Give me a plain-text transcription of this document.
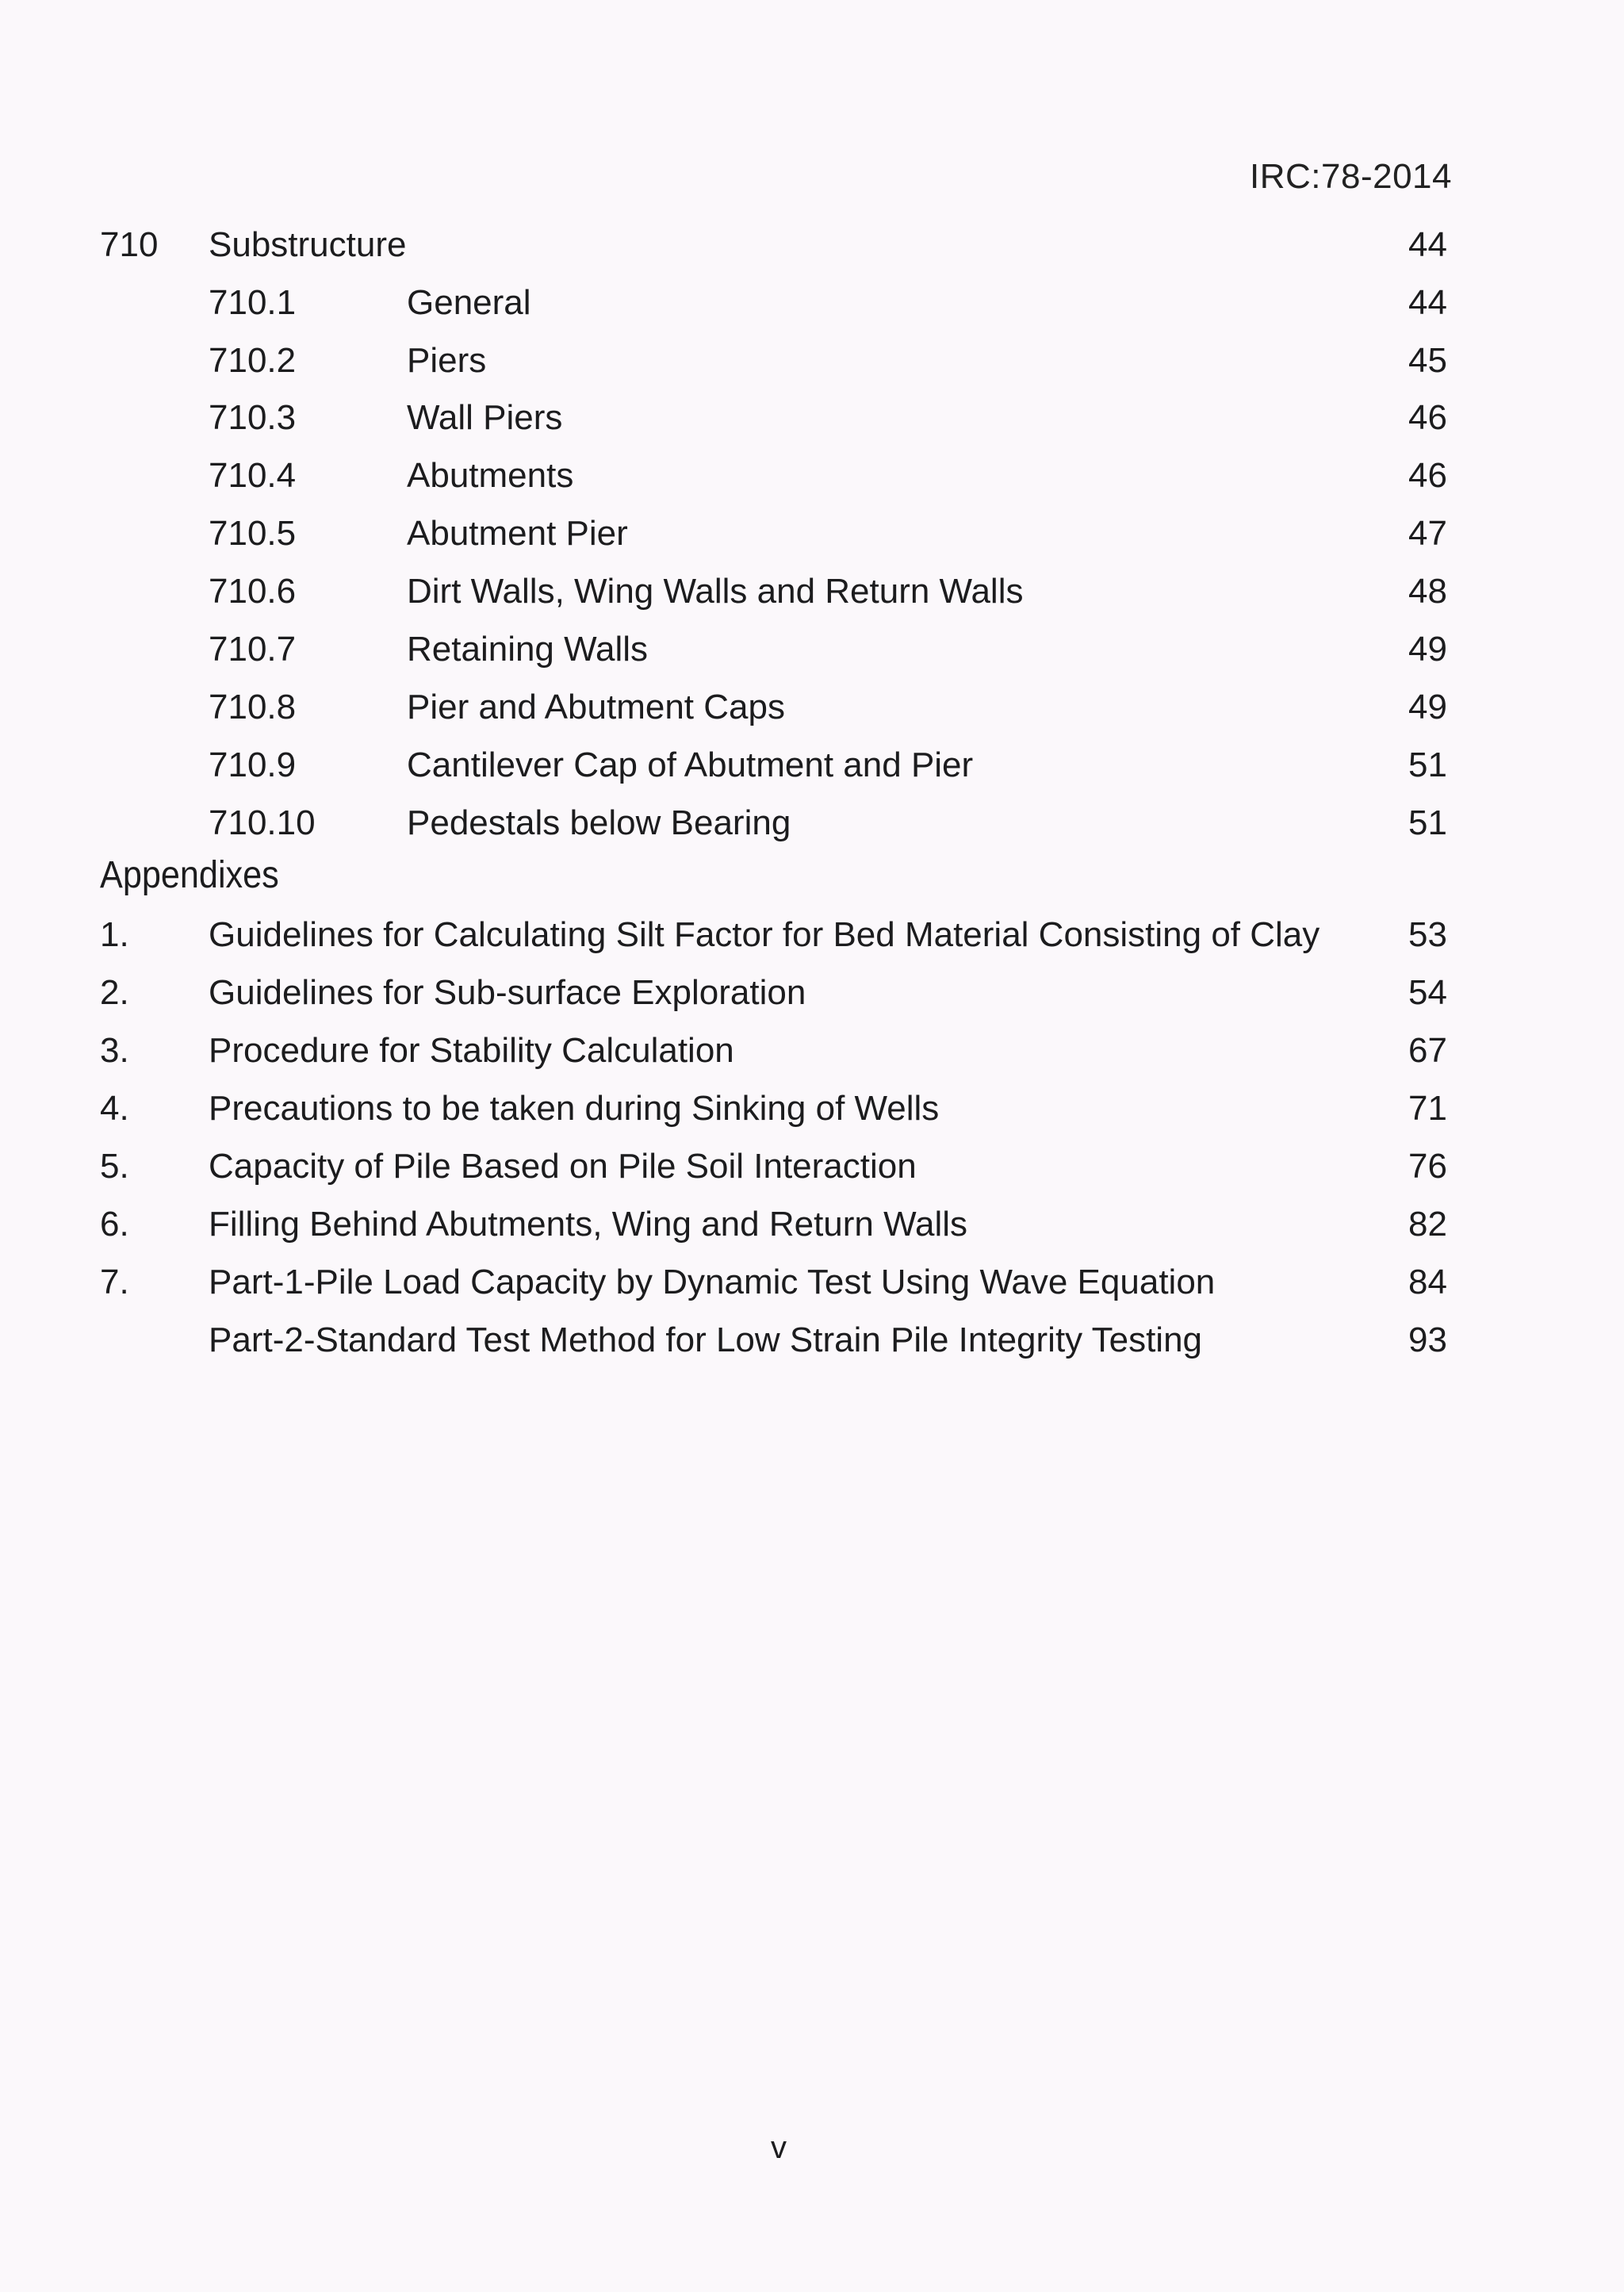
IRC:78-2014
710 Substructure	44
710.1	General	44
710.2	Piers	45
710.3	Wall Piers	46
710.4	Abutments	46
710.5	Abutment Pier	47
710.6	Dirt Walls, Wing Walls and Return Walls	48
710.7	Retaining Walls	49
710.8	Pier and Abutment Caps	49
710.9	Cantilever Cap of Abutment and Pier	51
710.10	Pedestals below Bearing	51
Appendixes
1. Guidelines for Calculating Silt Factor for Bed Material Consisting of Clay	53
2. Guidelines for Sub-surface Exploration	54
3. Procedure for Stability Calculation	67
4. Precautions to be taken during Sinking of Wells	71
5. Capacity of Pile Based on Pile Soil Interaction	76
6. Filling Behind Abutments, Wing and Return Walls	82
7. Part-1-Pile Load Capacity by Dynamic Test Using Wave Equation	84
Part-2-Standard Test Method for Low Strain Pile Integrity Testing	93
v
